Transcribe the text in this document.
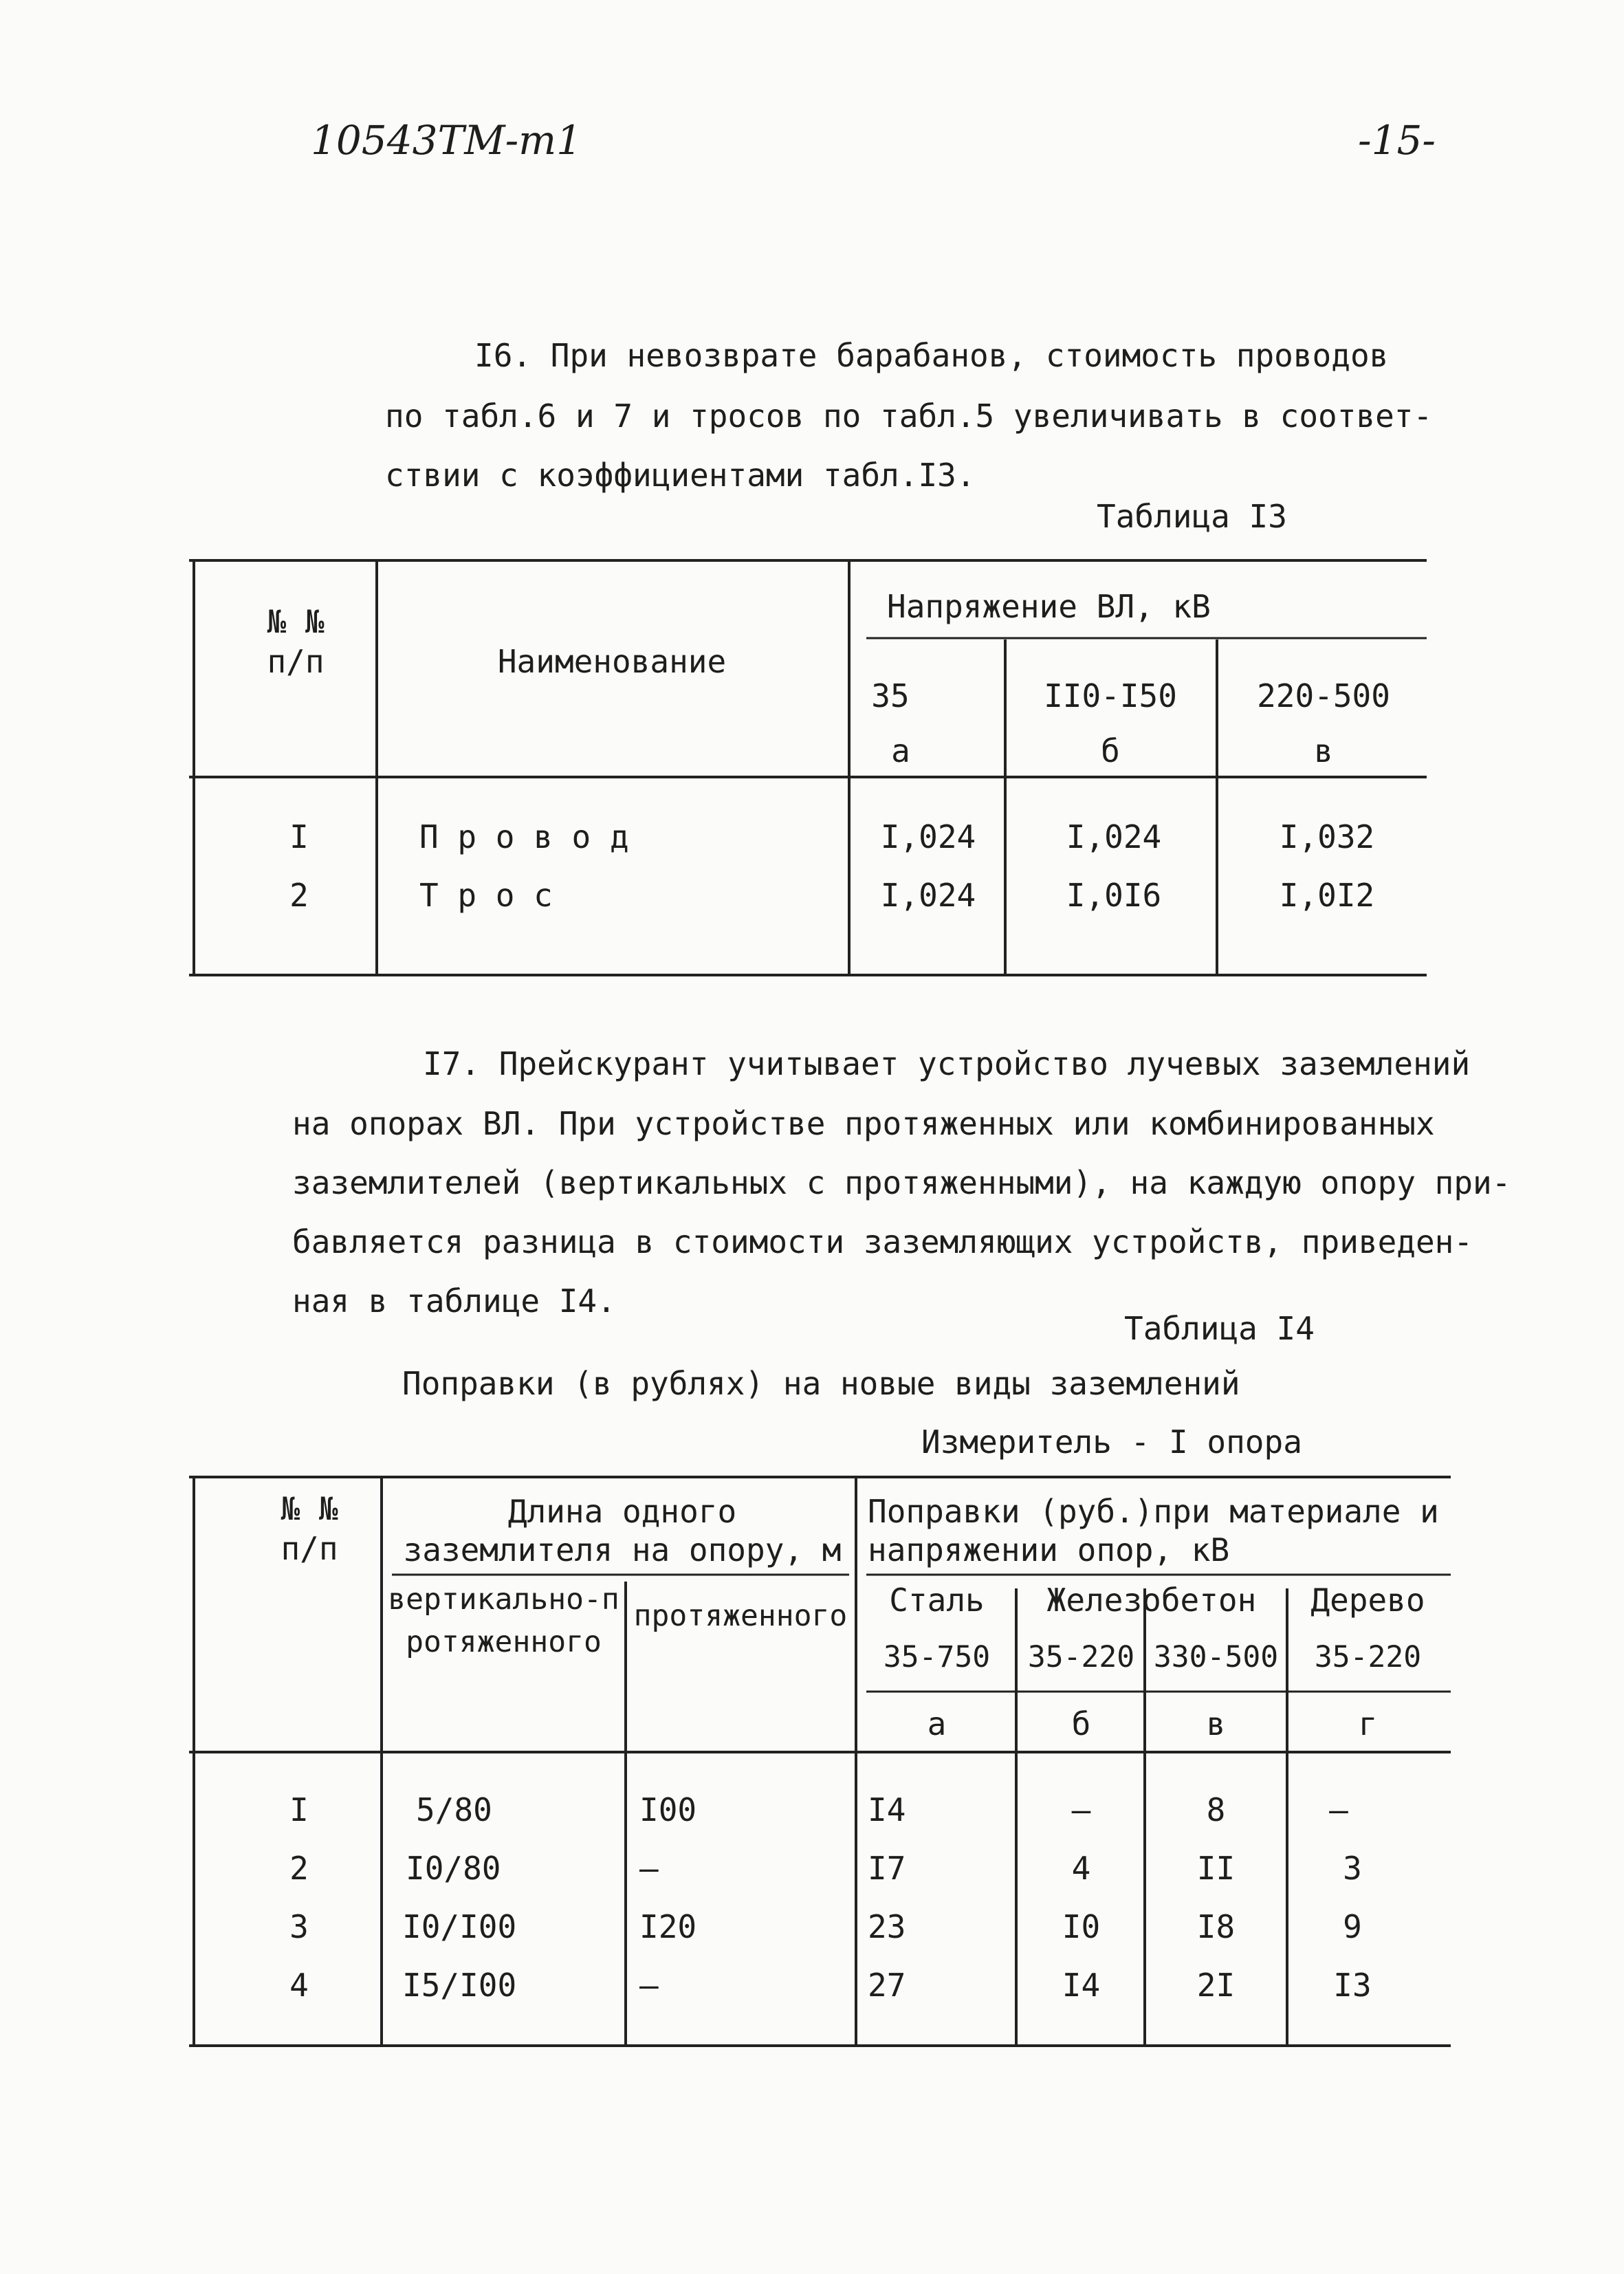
10543ТМ-т1	-15-
I6. При невозврате барабанов, стоимость проводов
по табл.6 и 7 и тросов по табл.5 увеличивать в соответ-
ствии с коэффициентами табл.I3.
Таблица I3
№ №
п/п	Наименование
Напряжение ВЛ, кВ
35	II0-I50	220-500
а	б	в
I	П р о в о д	I,024	I,024	I,032
2	Т р о с	I,024	I,0I6	I,0I2
I7. Прейскурант учитывает устройство лучевых заземлений
на опорах ВЛ. При устройстве протяженных или комбинированных
заземлителей (вертикальных с протяженными), на каждую опору при-
бавляется разница в стоимости заземляющих устройств, приведен-
ная в таблице I4.
Таблица I4
Поправки (в рублях) на новые виды заземлений
Измеритель - I опора
№ №
п/п
Длина одного заземлителя на опору, м
вертикально-протяженного
протяженного
Поправки (руб.)при материале и напряжении опор, кВ
Сталь	Железобетон	Дерево
35-750	35-220 330-500	35-220
а	б	в	г
I	5/80	I00	I4	–	8	–
2	I0/80	–	I7	4	II	3
3	I0/I00	I20	23	I0	I8	9
4	I5/I00	–	27	I4	2I	I3
